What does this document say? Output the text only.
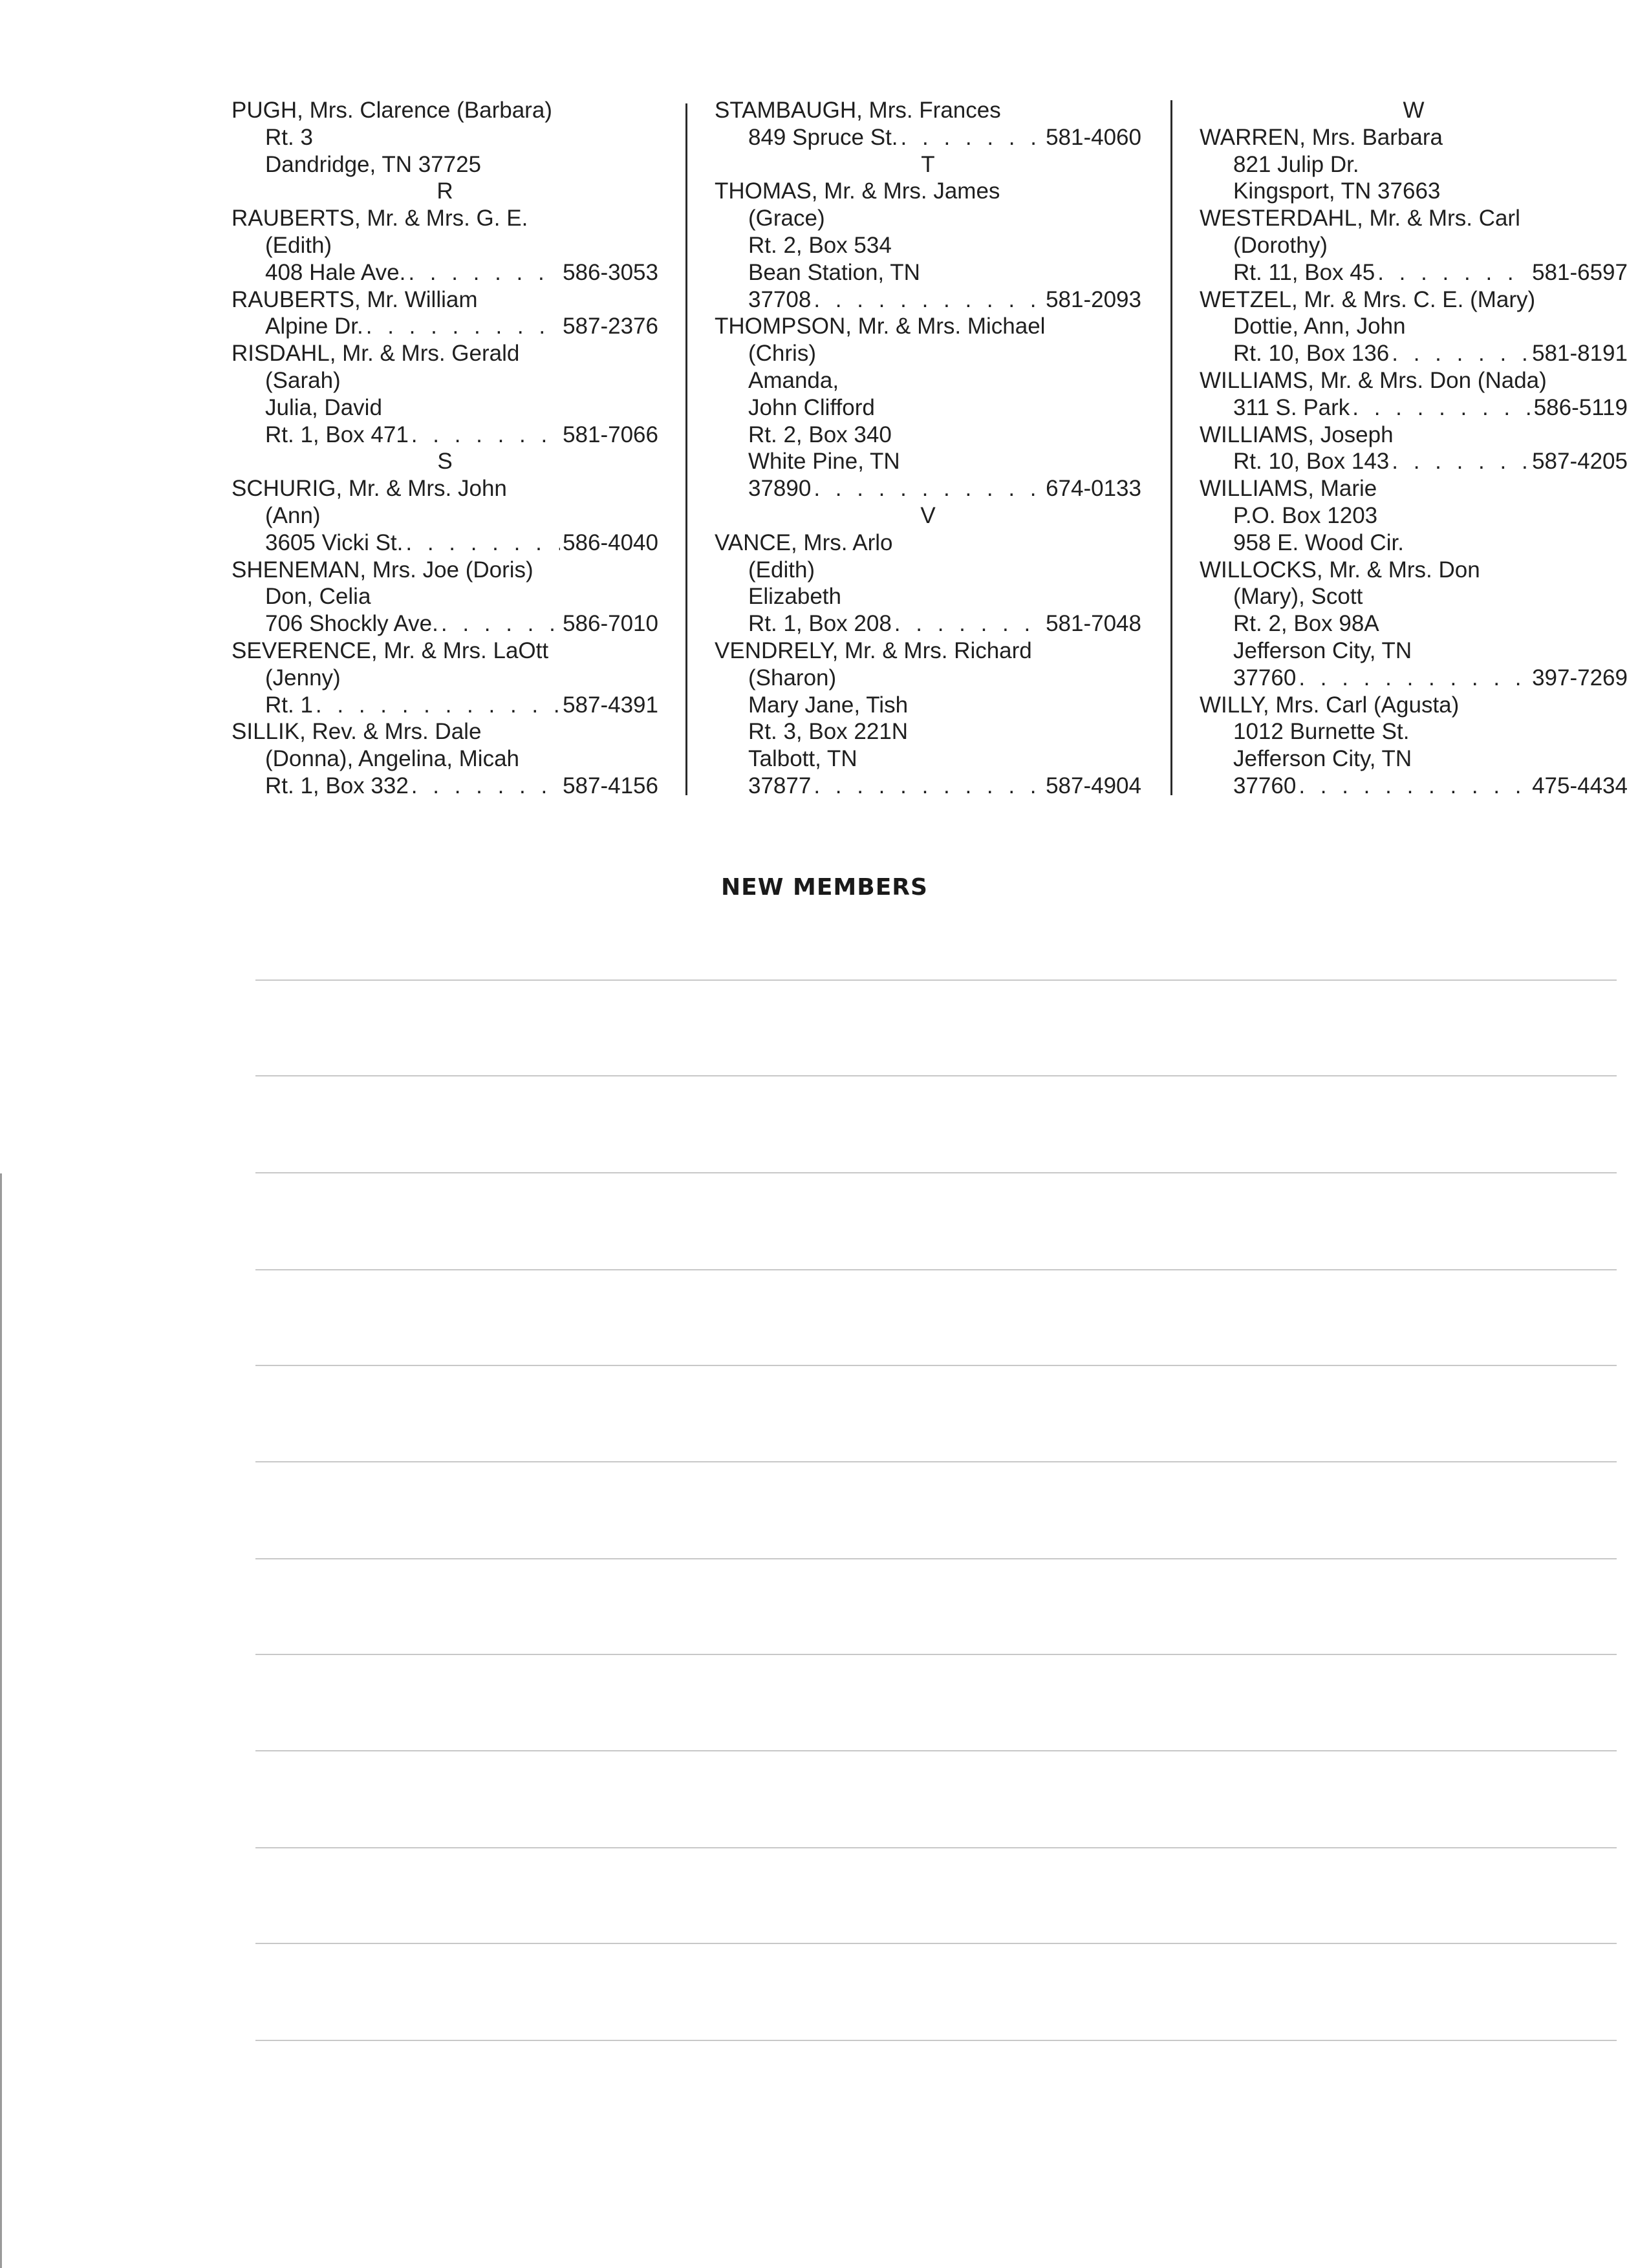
PUGH, Mrs. Clarence (Barbara)
Rt. 3
Dandridge, TN 37725
R
RAUBERTS, Mr. & Mrs. G. E.
(Edith)
408 Hale Ave. . . .	586-3053
RAUBERTS, Mr. William
Alpine Dr. . . .	587-2376
RISDAHL, Mr. & Mrs. Gerald
(Sarah)
Julia, David
Rt. 1, Box 471 . . .	581-7066
S
SCHURIG, Mr. & Mrs. John
(Ann)
3605 Vicki St. . . .	586-4040
SHENEMAN, Mrs. Joe (Doris)
Don, Celia
706 Shockly Ave. . . .	586-7010
SEVERENCE, Mr. & Mrs. LaOtt
(Jenny)
Rt. 1 . . .	587-4391
SILLIK, Rev. & Mrs. Dale
(Donna), Angelina, Micah
Rt. 1, Box 332 . . .	587-4156
STAMBAUGH, Mrs. Frances
849 Spruce St. . . .	581-4060
T
THOMAS, Mr. & Mrs. James
(Grace)
Rt. 2, Box 534
Bean Station, TN
37708 . . .	581-2093
THOMPSON, Mr. & Mrs. Michael
(Chris)
Amanda,
John Clifford
Rt. 2, Box 340
White Pine, TN
37890 . . .	674-0133
V
VANCE, Mrs. Arlo
(Edith)
Elizabeth
Rt. 1, Box 208 . . .	581-7048
VENDRELY, Mr. & Mrs. Richard
(Sharon)
Mary Jane, Tish
Rt. 3, Box 221N
Talbott, TN
37877 . . .	587-4904
W
WARREN, Mrs. Barbara
821 Julip Dr.
Kingsport, TN 37663
WESTERDAHL, Mr. & Mrs. Carl
(Dorothy)
Rt. 11, Box 45 . . .	581-6597
WETZEL, Mr. & Mrs. C. E. (Mary)
Dottie, Ann, John
Rt. 10, Box 136 . . .	581-8191
WILLIAMS, Mr. & Mrs. Don (Nada)
311 S. Park . . .	586-5119
WILLIAMS, Joseph
Rt. 10, Box 143 . . .	587-4205
WILLIAMS, Marie
P.O. Box 1203
958 E. Wood Cir.
WILLOCKS, Mr. & Mrs. Don
(Mary), Scott
Rt. 2, Box 98A
Jefferson City, TN
37760 . . .	397-7269
WILLY, Mrs. Carl (Agusta)
1012 Burnette St.
Jefferson City, TN
37760 . . .	475-4434
NEW MEMBERS
